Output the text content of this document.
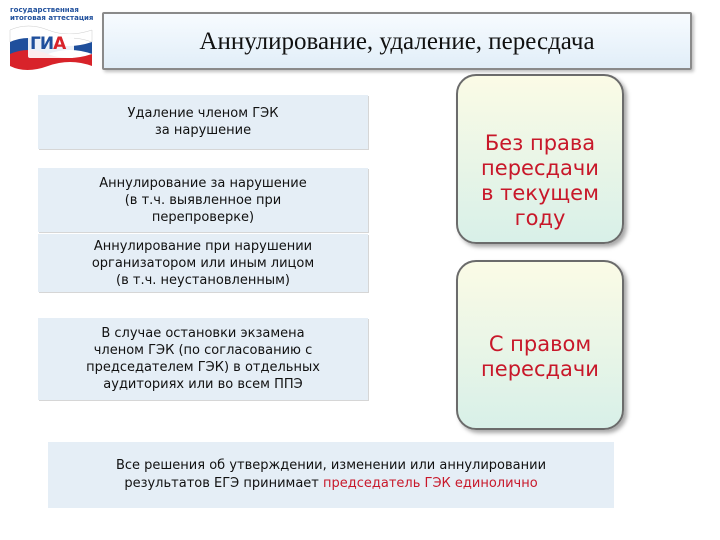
государственная
итоговая аттестация
ГИА	Аннулирование, удаление, пересдача
Удаление членом ГЭК
за нарушение
Аннулирование за нарушение
(в т.ч. выявленное при
перепроверке)
Аннулирование при нарушении
организатором или иным лицом
(в т.ч. неустановленным)
В случае остановки экзамена
членом ГЭК (по согласованию с
председателем ГЭК) в отдельных
аудиториях или во всем ППЭ

Без права
пересдачи
в текущем
году

С правом
пересдачи

Все решения об утверждении, изменении или аннулировании
результатов ЕГЭ принимает председатель ГЭК единолично
